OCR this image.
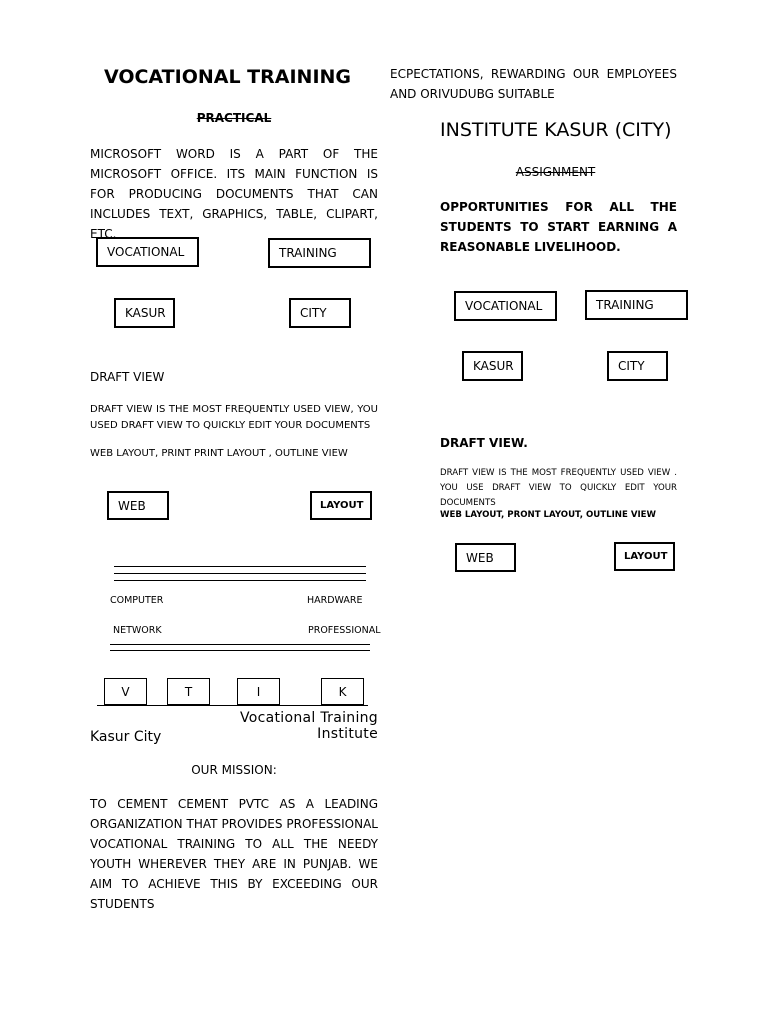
VOCATIONAL TRAINING
PRACTICAL
MICROSOFT WORD IS A PART OF THE MICROSOFT OFFICE. ITS MAIN FUNCTION IS FOR PRODUCING DOCUMENTS THAT CAN INCLUDES TEXT, GRAPHICS, TABLE, CLIPART, ETC.
VOCATIONAL	TRAINING
KASUR	CITY
DRAFT VIEW
DRAFT VIEW IS THE MOST FREQUENTLY USED VIEW, YOU USED DRAFT VIEW TO QUICKLY EDIT YOUR DOCUMENTS
WEB LAYOUT, PRINT PRINT LAYOUT , OUTLINE VIEW
WEB	LAYOUT
COMPUTER	HARDWARE
NETWORK	PROFESSIONAL
V	T	I	K
Vocational Training Institute
Kasur City
OUR MISSION:
TO CEMENT CEMENT PVTC AS A LEADING ORGANIZATION THAT PROVIDES PROFESSIONAL VOCATIONAL TRAINING TO ALL THE NEEDY YOUTH WHEREVER THEY ARE IN PUNJAB. WE AIM TO ACHIEVE THIS BY EXCEEDING OUR STUDENTS
ECPECTATIONS, REWARDING OUR EMPLOYEES AND ORIVUDUBG SUITABLE
INSTITUTE KASUR (CITY)
ASSIGNMENT
OPPORTUNITIES FOR ALL THE STUDENTS TO START EARNING A REASONABLE LIVELIHOOD.
VOCATIONAL	TRAINING
KASUR	CITY
DRAFT VIEW.
DRAFT VIEW IS THE MOST FREQUENTLY USED VIEW . YOU USE DRAFT VIEW TO QUICKLY EDIT YOUR DOCUMENTS
WEB LAYOUT, PRONT LAYOUT, OUTLINE VIEW
WEB	LAYOUT
